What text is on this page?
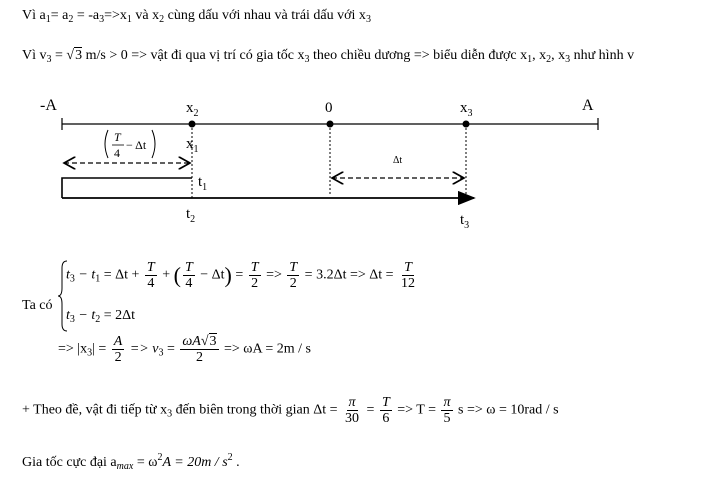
Vì $a_1= a_2 = -a_3=>x_1$ và $x_2$ cùng dấu với nhau và trái dấu với $x_3$
Vì $v_3 = √3$ m/s > 0 => vật đi qua vị trí có gia tốc $x_3$ theo chiều dương => biểu diễn được $x_1$, $x_2$, $x_3$ như hình v
-A	A
$x_2$	0	$x_3$
T
4
− Δt	$x_1$
Δt
$t_1$
$t_2$	$t_3$
Ta có
$t_3 - t_1 = \Delta t + \frac{T}{4}$ + ( $\frac{T}{4} - \Delta t) = \frac{T}{2} => \frac{T}{2} = 3.2\Delta t => \Delta t = \frac{T}{12}$
$t_3 - t_2 = 2\Delta t$
=> $|x_3| = \frac{A}{2} => v_3 = \frac{\omega A√3}{2} => \omega A = 2m / s$
+ Theo đề, vật đi tiếp từ $x_3$ đến biên trong thời gian $\Delta t = \frac{\pi}{30} = \frac{T}{6} => T = \frac{\pi}{5}$ s => ω = 10rad / s
Gia tốc cực đại $a_{max} = \omega^2A = 20m / s^2$ .
